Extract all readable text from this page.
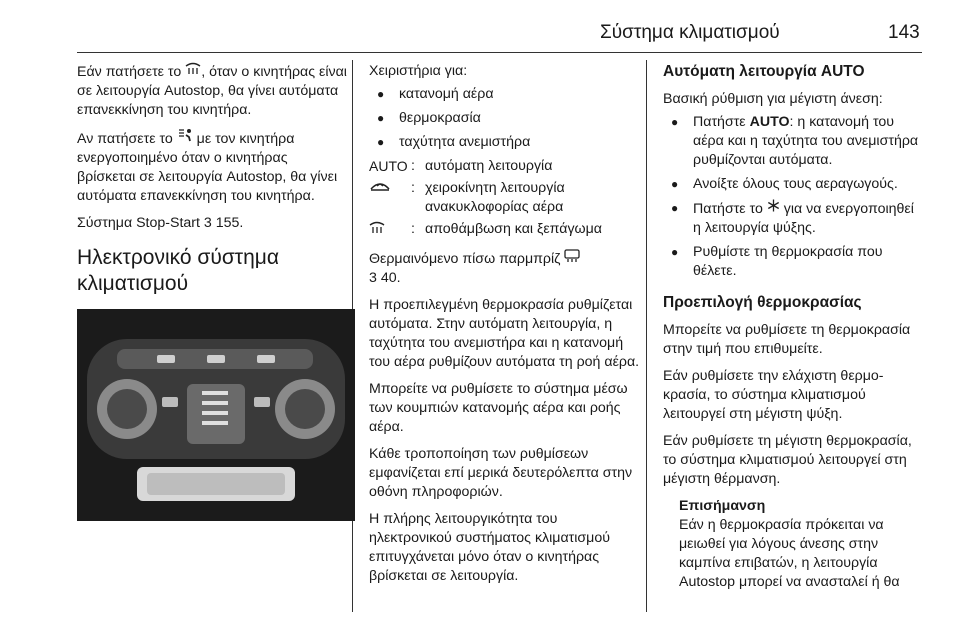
Σύστημα κλιματισμού	143

Εάν πατήσετε το , όταν ο κινητήρας είναι σε λειτουργία Autostop, θα γίνει αυτόματα επανεκκίνηση του κινητήρα.

Αν πατήσετε το  με τον κινητήρα ενεργοποιημένο όταν ο κινητήρας βρίσκεται σε λειτουργία Autostop, θα γίνει αυτόματα επανεκκίνηση του κινητήρα.

Σύστημα Stop-Start 3 155.

Ηλεκτρονικό σύστημα κλιματισμού

Χειριστήρια για:

● κατανομή αέρα
● θερμοκρασία
● ταχύτητα ανεμιστήρα
AUTO : αυτόματη λειτουργία
: χειροκίνητη λειτουργία ανακυκλοφορίας αέρα
: αποθάμβωση και ξεπάγωμα

Θερμαινόμενο πίσω παρμπρίζ
3 40.

Η προεπιλεγμένη θερμοκρασία ρυθμίζεται αυτόματα. Στην αυτόματη λειτουργία, η ταχύτητα του ανεμιστήρα και η κατανομή του αέρα ρυθμίζουν αυτόματα τη ροή αέρα.

Μπορείτε να ρυθμίσετε το σύστημα μέσω των κουμπιών κατανομής αέρα και ροής αέρα.

Κάθε τροποποίηση των ρυθμίσεων εμφανίζεται επί μερικά δευτερόλεπτα στην οθόνη πληροφοριών.

Η πλήρης λειτουργικότητα του ηλεκτρονικού συστήματος κλιματισμού επιτυγχάνεται μόνο όταν ο κινητήρας βρίσκεται σε λειτουργία.

Αυτόματη λειτουργία AUTO

Βασική ρύθμιση για μέγιστη άνεση:

● Πατήστε AUTO: η κατανομή του αέρα και η ταχύτητα του ανεμιστήρα ρυθμίζονται αυτόματα.
● Ανοίξτε όλους τους αεραγωγούς.
● Πατήστε το  για να ενεργοποιηθεί η λειτουργία ψύξης.
● Ρυθμίστε τη θερμοκρασία που θέλετε.
Προεπιλογή θερμοκρασίας

Μπορείτε να ρυθμίσετε τη θερμοκρασία στην τιμή που επιθυμείτε.

Εάν ρυθμίσετε την ελάχιστη θερμοκρασία, το σύστημα κλιματισμού λειτουργεί στη μέγιστη ψύξη.

Εάν ρυθμίσετε τη μέγιστη θερμοκρασία, το σύστημα κλιματισμού λειτουργεί στη μέγιστη θέρμανση.

Επισήμανση
Εάν η θερμοκρασία πρόκειται να μειωθεί για λόγους άνεσης στην καμπίνα επιβατών, η λειτουργία Autostop μπορεί να ανασταλεί ή θα
